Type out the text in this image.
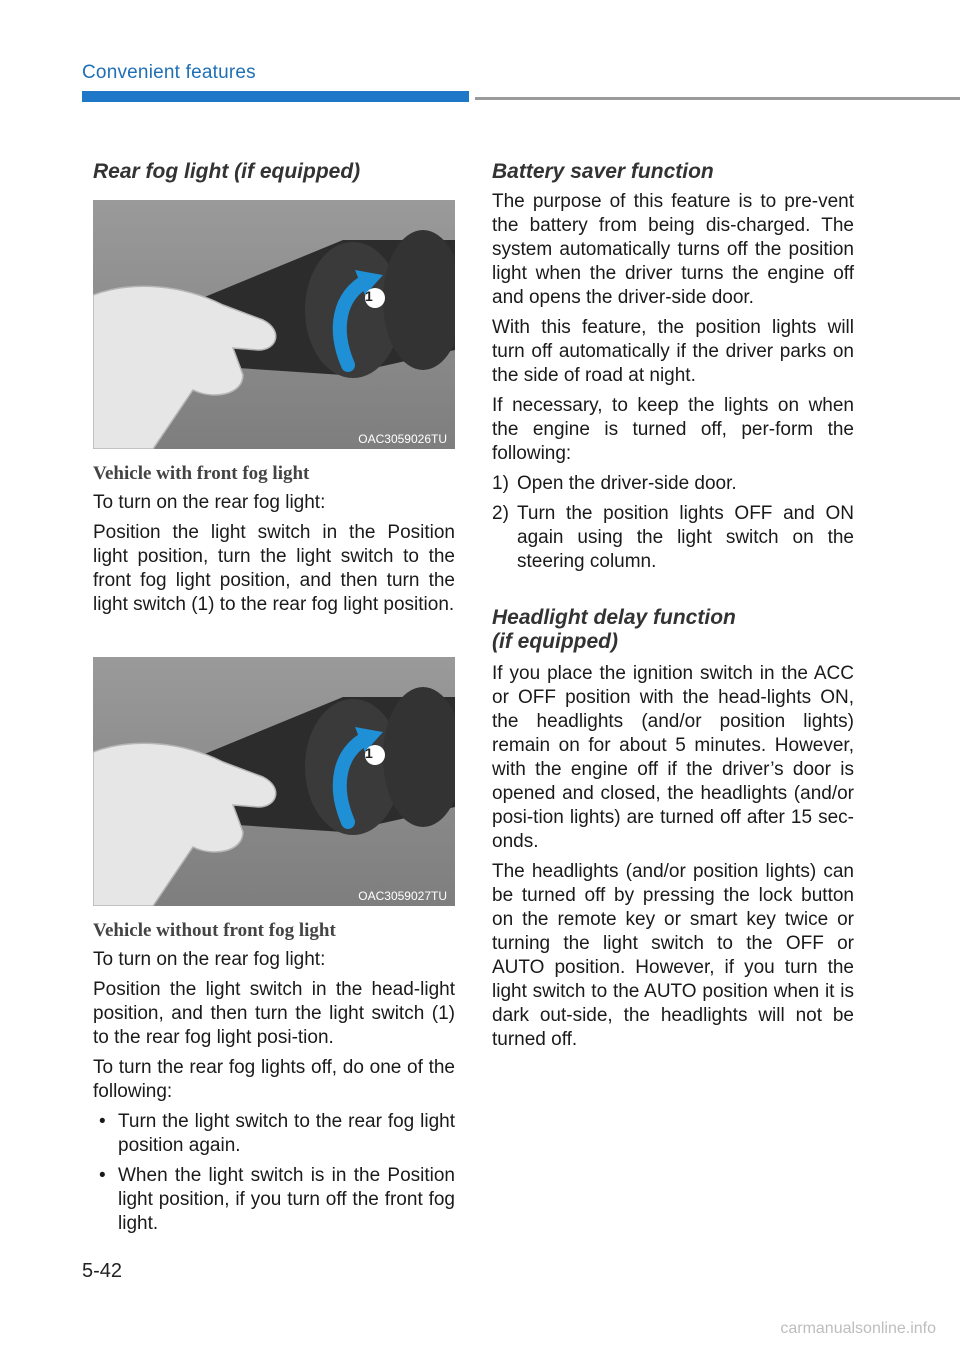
Convenient features
Rear fog light (if equipped)
1
OAC3059026TU
Vehicle with front fog light

To turn on the rear fog light:

Position the light switch in the Position light position, turn the light switch to the front fog light position, and then turn the light switch (1) to the rear fog light position.

1
OAC3059027TU
Vehicle without front fog light

To turn on the rear fog light:

Position the light switch in the head-light position, and then turn the light switch (1) to the rear fog light posi-tion.

To turn the rear fog lights off, do one of the following:

• Turn the light switch to the rear fog light position again.
• When the light switch is in the Position light position, if you turn off the front fog light.
Battery saver function

The purpose of this feature is to pre-vent the battery from being dis-charged. The system automatically turns off the position light when the driver turns the engine off and opens the driver-side door.

With this feature, the position lights will turn off automatically if the driver parks on the side of road at night.

If necessary, to keep the lights on when the engine is turned off, per-form the following:

1) Open the driver-side door.
2) Turn the position lights OFF and ON again using the light switch on the steering column.
Headlight delay function
(if equipped)

If you place the ignition switch in the ACC or OFF position with the head-lights ON, the headlights (and/or position lights) remain on for about 5 minutes. However, with the engine off if the driver’s door is opened and closed, the headlights (and/or posi-tion lights) are turned off after 15 sec-onds.

The headlights (and/or position lights) can be turned off by pressing the lock button on the remote key or smart key twice or turning the light switch to the OFF or AUTO position. However, if you turn the light switch to the AUTO position when it is dark out-side, the headlights will not be turned off.

5-42
carmanualsonline.info
